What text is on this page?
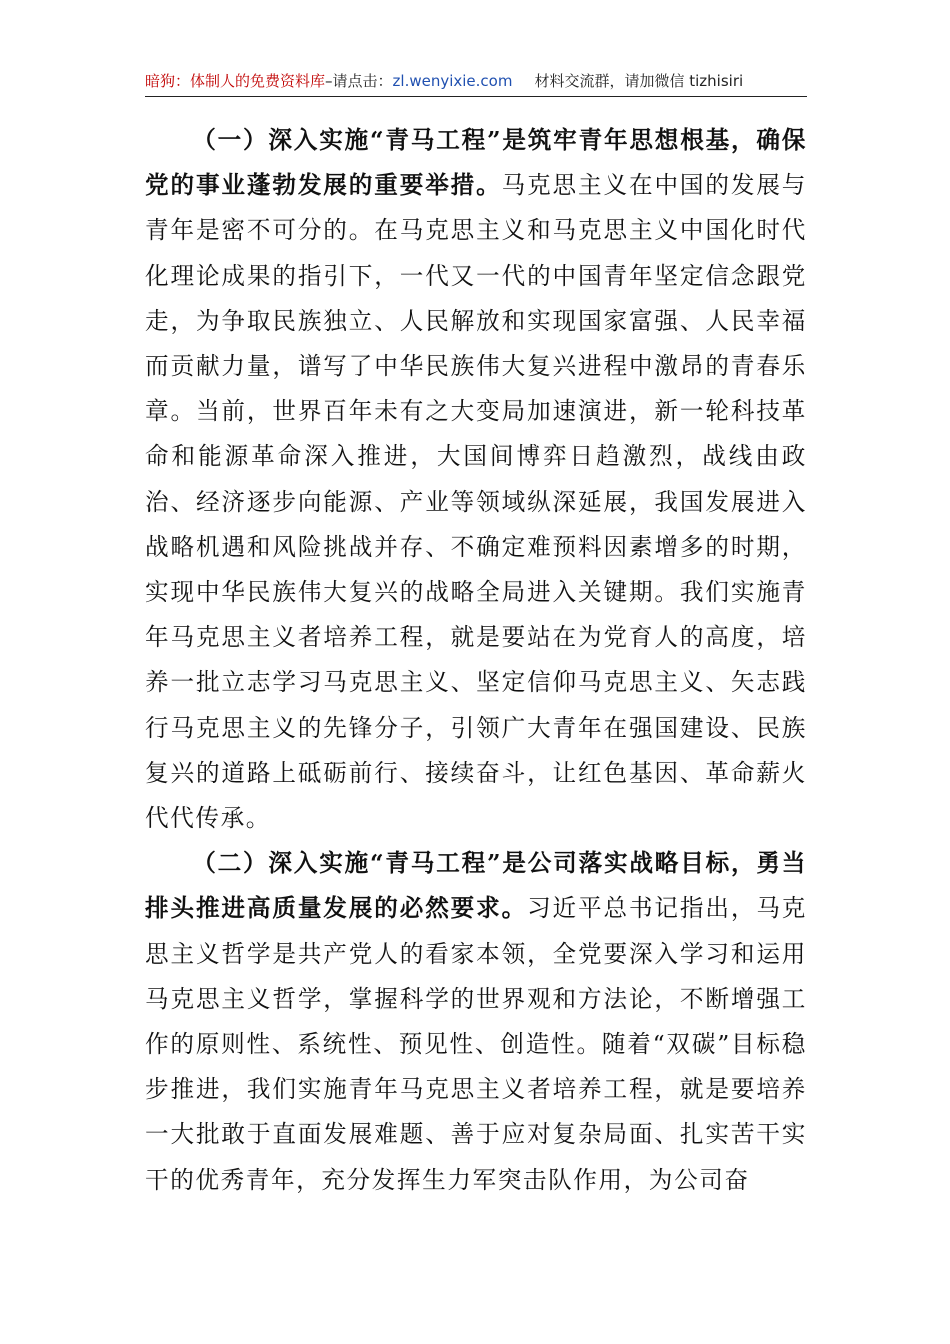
暗狗：体制人的免费资料库 –请点击： zl.wenyixie.com 材料交流群，请加微信 tizhisiri

（一）深入实施“青马工程”是筑牢青年思想根基，确保党的事业蓬勃发展的重要举措。马克思主义在中国的发展与青年是密不可分的。在马克思主义和马克思主义中国化时代化理论成果的指引下，一代又一代的中国青年坚定信念跟党走，为争取民族独立、人民解放和实现国家富强、人民幸福而贡献力量，谱写了中华民族伟大复兴进程中激昂的青春乐章。当前，世界百年未有之大变局加速演进，新一轮科技革命和能源革命深入推进，大国间博弈日趋激烈，战线由政治、经济逐步向能源、产业等领域纵深延展，我国发展进入战略机遇和风险挑战并存、不确定难预料因素增多的时期，实现中华民族伟大复兴的战略全局进入关键期。我们实施青年马克思主义者培养工程，就是要站在为党育人的高度，培养一批立志学习马克思主义、坚定信仰马克思主义、矢志践行马克思主义的先锋分子，引领广大青年在强国建设、民族复兴的道路上砥砺前行、接续奋斗，让红色基因、革命薪火代代传承。

（二）深入实施“青马工程”是公司落实战略目标，勇当排头推进高质量发展的必然要求。习近平总书记指出，马克思主义哲学是共产党人的看家本领，全党要深入学习和运用马克思主义哲学，掌握科学的世界观和方法论，不断增强工作的原则性、系统性、预见性、创造性。随着“双碳”目标稳步推进，我们实施青年马克思主义者培养工程，就是要培养一大批敢于直面发展难题、善于应对复杂局面、扎实苦干实干的优秀青年，充分发挥生力军突击队作用，为公司奋
